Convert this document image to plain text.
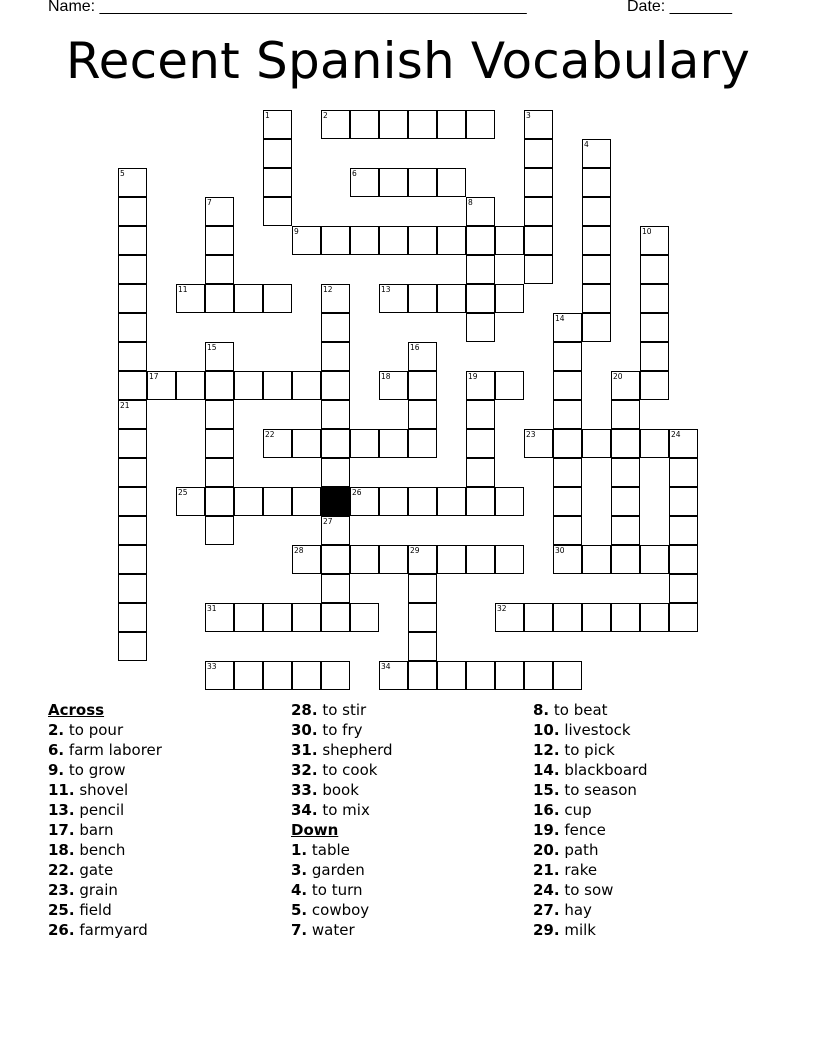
Name: ________________________________________________	Date: _______
Recent Spanish Vocabulary
1	2	3
4
5	6
7	8
9	10
11	12	13
14
15	16
17	18	19	20
21
22	23	24
25	26
27
28	29	30
31	32
33	34
Across
2. to pour
6. farm laborer
9. to grow
11. shovel
13. pencil
17. barn
18. bench
22. gate
23. grain
25. field
26. farmyard
28. to stir
30. to fry
31. shepherd
32. to cook
33. book
34. to mix
Down
1. table
3. garden
4. to turn
5. cowboy
7. water
8. to beat
10. livestock
12. to pick
14. blackboard
15. to season
16. cup
19. fence
20. path
21. rake
24. to sow
27. hay
29. milk
